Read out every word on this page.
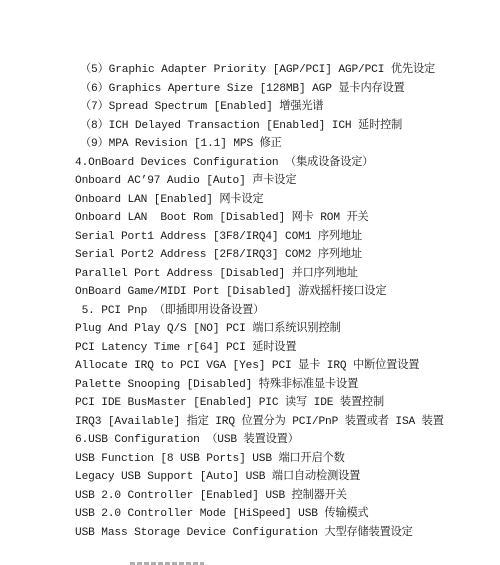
（5）Graphic Adapter Priority [AGP/PCI] AGP/PCI 优先设定
（6）Graphics Aperture Size [128MB] AGP 显卡内存设置
（7）Spread Spectrum [Enabled] 增强光谱
（8）ICH Delayed Transaction [Enabled] ICH 延时控制
（9）MPA Revision [1.1] MPS 修正
4.OnBoard Devices Configuration （集成设备设定）
Onboard AC’97 Audio [Auto] 声卡设定
Onboard LAN [Enabled] 网卡设定
Onboard LAN  Boot Rom [Disabled] 网卡 ROM 开关
Serial Port1 Address [3F8/IRQ4] COM1 序列地址
Serial Port2 Address [2F8/IRQ3] COM2 序列地址
Parallel Port Address [Disabled] 并口序列地址
OnBoard Game/MIDI Port [Disabled] 游戏摇杆接口设定
5. PCI Pnp （即插即用设备设置）
Plug And Play Q/S [NO] PCI 端口系统识别控制
PCI Latency Time r[64] PCI 延时设置
Allocate IRQ to PCI VGA [Yes] PCI 显卡 IRQ 中断位置设置
Palette Snooping [Disabled] 特殊非标准显卡设置
PCI IDE BusMaster [Enabled] PIC 读写 IDE 装置控制
IRQ3 [Available] 指定 IRQ 位置分为 PCI/PnP 装置或者 ISA 装置
6.USB Configuration （USB 装置设置）
USB Function [8 USB Ports] USB 端口开启个数
Legacy USB Support [Auto] USB 端口自动检测设置
USB 2.0 Controller [Enabled] USB 控制器开关
USB 2.0 Controller Mode [HiSpeed] USB 传输模式
USB Mass Storage Device Configuration 大型存储装置设定
